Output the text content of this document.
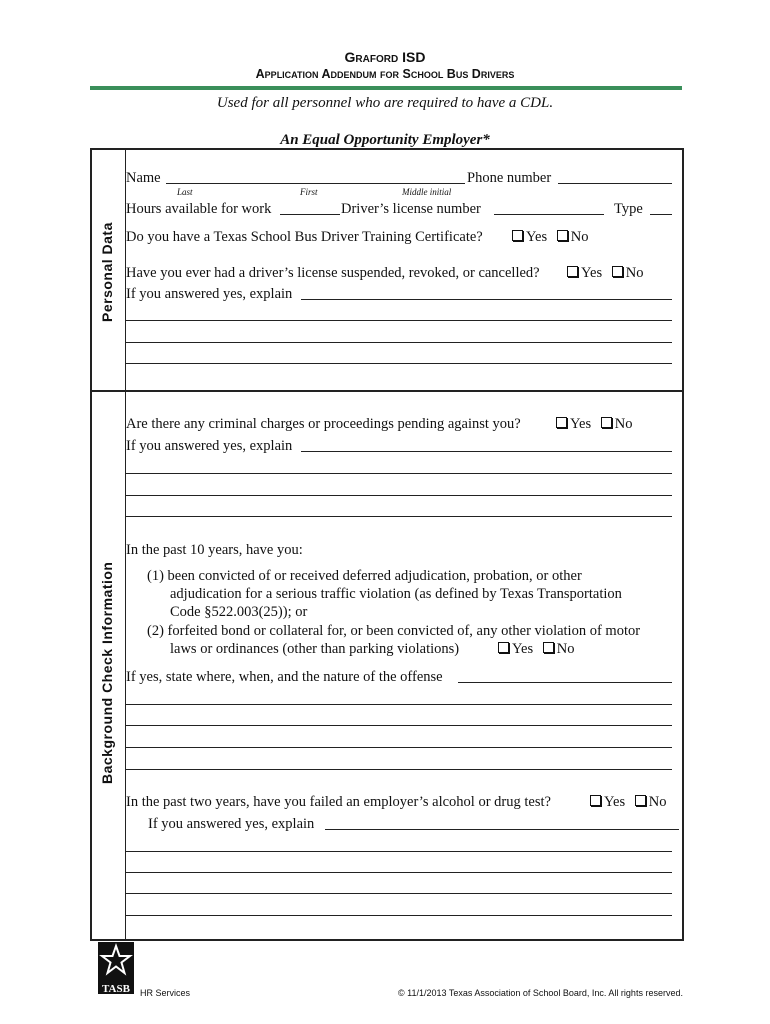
Graford ISD
Application Addendum for School Bus Drivers
Used for all personnel who are required to have a CDL.
An Equal Opportunity Employer*
Personal Data
Background Check Information
Name	Phone number
Last	First	Middle initial
Hours available for work	Driver’s license number	Type
Do you have a Texas School Bus Driver Training Certificate?	Yes No
Have you ever had a driver’s license suspended, revoked, or cancelled?	Yes No
If you answered yes, explain
Are there any criminal charges or proceedings pending against you?	Yes No
If you answered yes, explain
In the past 10 years, have you:
(1) been convicted of or received deferred adjudication, probation, or other
adjudication for a serious traffic violation (as defined by Texas Transportation
Code §522.003(25)); or
(2) forfeited bond or collateral for, or been convicted of, any other violation of motor
laws or ordinances (other than parking violations)	Yes No
If yes, state where, when, and the nature of the offense
In the past two years, have you failed an employer’s alcohol or drug test?	Yes No
If you answered yes, explain
TASB	HR Services	© 11/1/2013 Texas Association of School Board, Inc. All rights reserved.
